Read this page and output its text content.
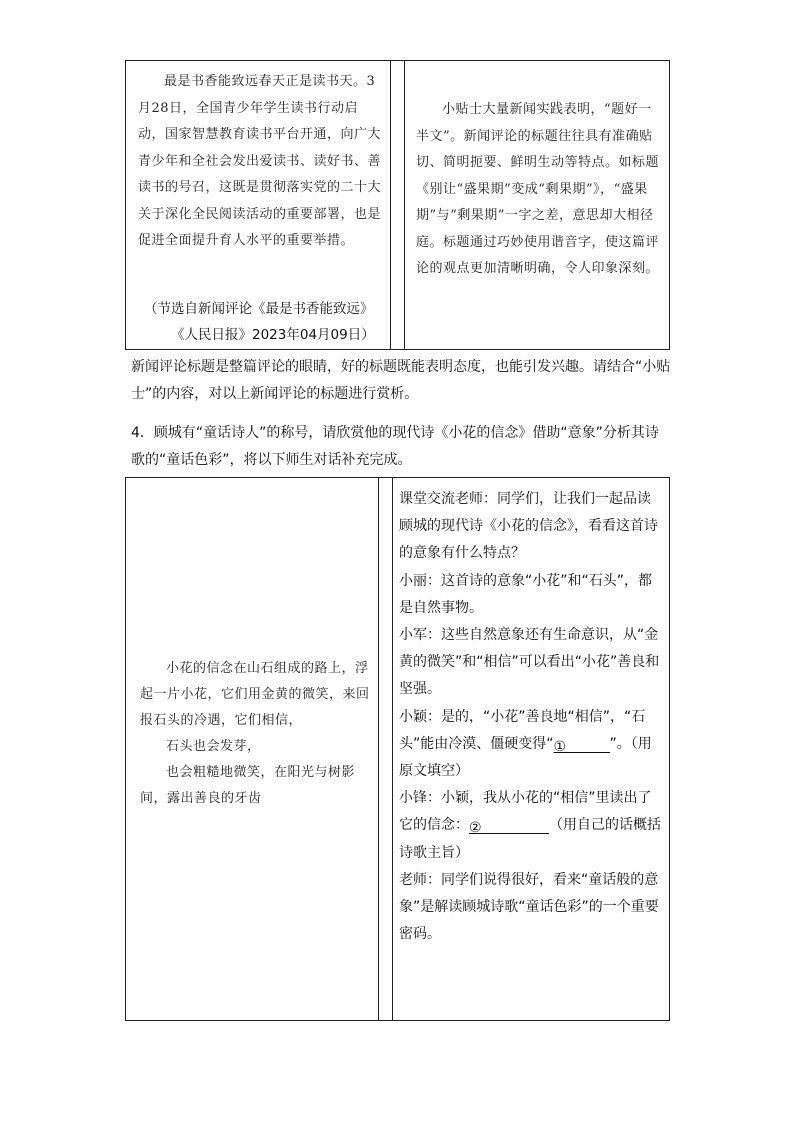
最是书香能致远春天正是读书天。3月28日，全国青少年学生读书行动启动，国家智慧教育读书平台开通，向广大青少年和全社会发出爱读书、读好书、善读书的号召，这既是贯彻落实党的二十大关于深化全民阅读活动的重要部署，也是促进全面提升育人水平的重要举措。
（节选自新闻评论《最是书香能致远》
《人民日报》2023年04月09日）
小贴士大量新闻实践表明，“题好一半文”。新闻评论的标题往往具有准确贴切、简明扼要、鲜明生动等特点。如标题《别让“盛果期”变成“剩果期”》，“盛果期”与“剩果期”一字之差，意思却大相径庭。标题通过巧妙使用谐音字，使这篇评论的观点更加清晰明确，令人印象深刻。
新闻评论标题是整篇评论的眼睛，好的标题既能表明态度，也能引发兴趣。请结合“小贴士”的内容，对以上新闻评论的标题进行赏析。
4．顾城有“童话诗人”的称号，请欣赏他的现代诗《小花的信念》借助“意象”分析其诗歌的“童话色彩”，将以下师生对话补充完成。

小花的信念在山石组成的路上，浮起一片小花，它们用金黄的微笑，来回报石头的冷遇，它们相信，

石头也会发芽，

也会粗糙地微笑，在阳光与树影间，露出善良的牙齿

课堂交流老师：同学们，让我们一起品读顾城的现代诗《小花的信念》，看看这首诗的意象有什么特点？

小丽：这首诗的意象“小花”和“石头”，都是自然事物。

小军：这些自然意象还有生命意识，从“金黄的微笑”和“相信”可以看出“小花”善良和坚强。

小颖：是的，“小花”善良地“相信”，“石头”能由冷漠、僵硬变得“①	”。（用原文填空）

小锋：小颖，我从小花的“相信”里读出了它的信念：②	（用自己的话概括诗歌主旨）

老师：同学们说得很好，看来“童话般的意象”是解读顾城诗歌“童话色彩”的一个重要密码。
